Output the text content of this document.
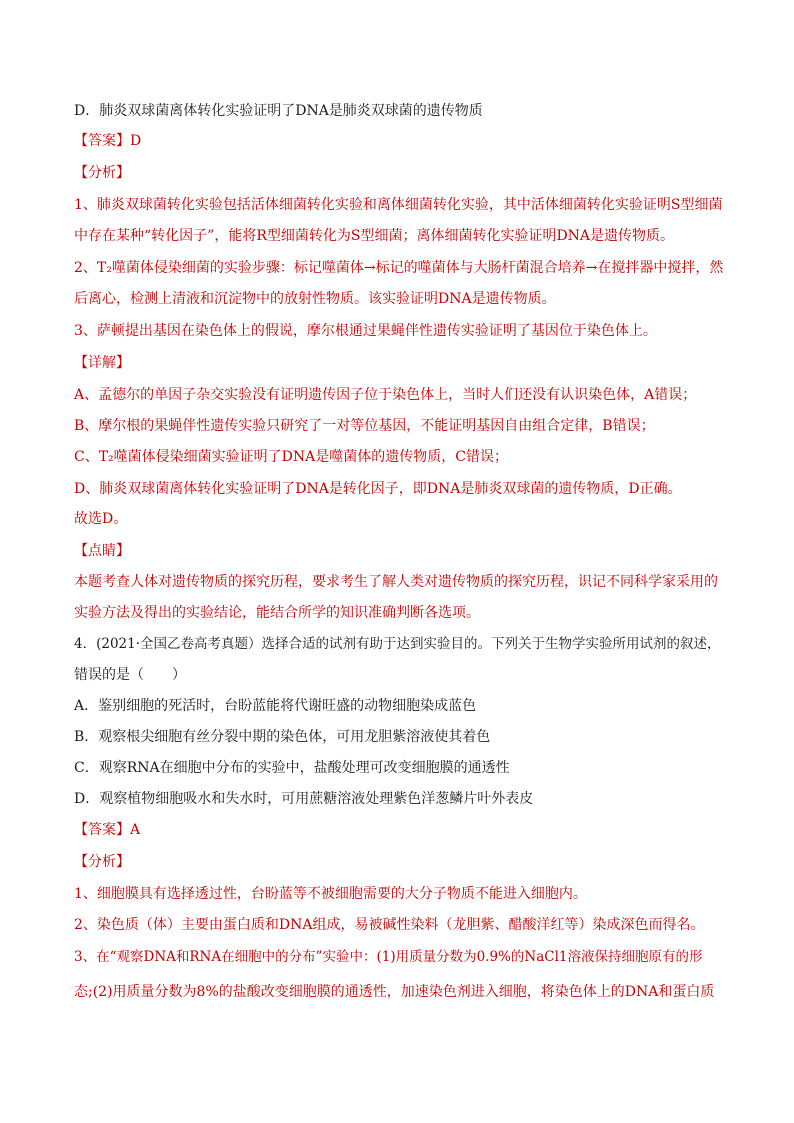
D．肺炎双球菌离体转化实验证明了DNA是肺炎双球菌的遗传物质
【答案】D
【分析】
1、肺炎双球菌转化实验包括活体细菌转化实验和离体细菌转化实验，其中活体细菌转化实验证明S型细菌
中存在某种“转化因子”，能将R型细菌转化为S型细菌；离体细菌转化实验证明DNA是遗传物质。
2、T₂噬菌体侵染细菌的实验步骤：标记噬菌体→标记的噬菌体与大肠杆菌混合培养→在搅拌器中搅拌，然
后离心，检测上清液和沉淀物中的放射性物质。该实验证明DNA是遗传物质。
3、萨顿提出基因在染色体上的假说，摩尔根通过果蝇伴性遗传实验证明了基因位于染色体上。
【详解】
A、孟德尔的单因子杂交实验没有证明遗传因子位于染色体上，当时人们还没有认识染色体，A错误；
B、摩尔根的果蝇伴性遗传实验只研究了一对等位基因，不能证明基因自由组合定律，B错误；
C、T₂噬菌体侵染细菌实验证明了DNA是噬菌体的遗传物质，C错误；
D、肺炎双球菌离体转化实验证明了DNA是转化因子，即DNA是肺炎双球菌的遗传物质，D正确。
故选D。
【点睛】
本题考查人体对遗传物质的探究历程，要求考生了解人类对遗传物质的探究历程，识记不同科学家采用的
实验方法及得出的实验结论，能结合所学的知识准确判断各选项。
4．(2021·全国乙卷高考真题）选择合适的试剂有助于达到实验目的。下列关于生物学实验所用试剂的叙述，
错误的是（　　）
A．鉴别细胞的死活时，台盼蓝能将代谢旺盛的动物细胞染成蓝色
B．观察根尖细胞有丝分裂中期的染色体，可用龙胆紫溶液使其着色
C．观察RNA在细胞中分布的实验中，盐酸处理可改变细胞膜的通透性
D．观察植物细胞吸水和失水时，可用蔗糖溶液处理紫色洋葱鳞片叶外表皮
【答案】A
【分析】
1、细胞膜具有选择透过性，台盼蓝等不被细胞需要的大分子物质不能进入细胞内。
2、染色质（体）主要由蛋白质和DNA组成，易被碱性染料（龙胆紫、醋酸洋红等）染成深色而得名。
3、在“观察DNA和RNA在细胞中的分布”实验中：(1)用质量分数为0.9%的NaCl1溶液保持细胞原有的形
态;(2)用质量分数为8%的盐酸改变细胞膜的通透性，加速染色剂进入细胞，将染色体上的DNA和蛋白质
